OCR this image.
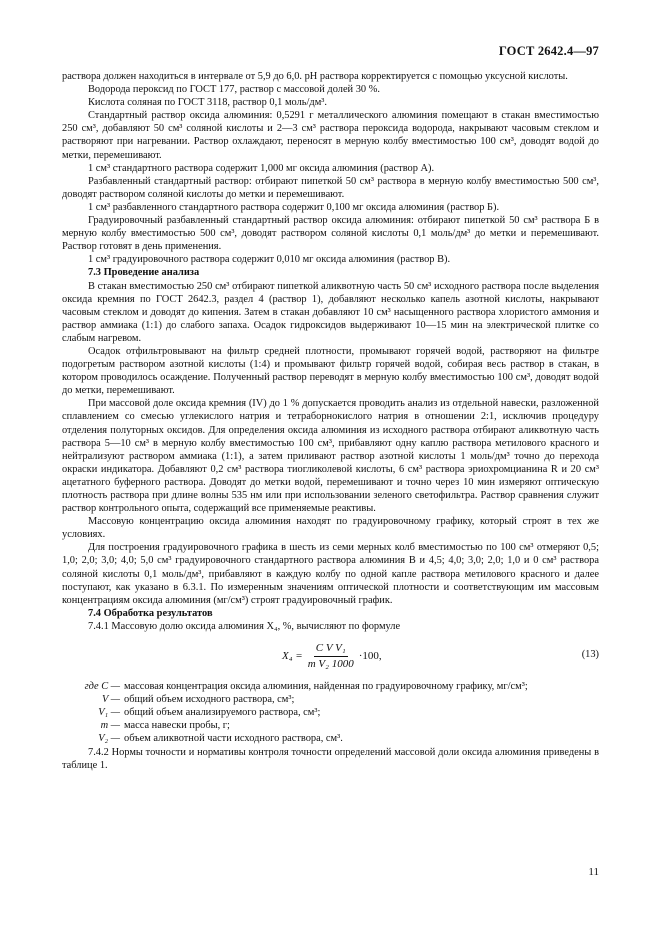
ГОСТ 2642.4—97

раствора должен находиться в интервале от 5,9 до 6,0. pH раствора корректируется с помощью уксусной кислоты.

Водорода пероксид по ГОСТ 177, раствор с массовой долей 30 %.

Кислота соляная по ГОСТ 3118, раствор 0,1 моль/дм³.

Стандартный раствор оксида алюминия: 0,5291 г металлического алюминия помещают в стакан вместимостью 250 см³, добавляют 50 см³ соляной кислоты и 2—3 см³ раствора пероксида водорода, накрывают часовым стеклом и растворяют при нагревании. Раствор охлаждают, переносят в мерную колбу вместимостью 100 см³, доводят водой до метки, перемешивают.

1 см³ стандартного раствора содержит 1,000 мг оксида алюминия (раствор А).

Разбавленный стандартный раствор: отбирают пипеткой 50 см³ раствора в мерную колбу вместимостью 500 см³, доводят раствором соляной кислоты до метки и перемешивают.

1 см³ разбавленного стандартного раствора содержит 0,100 мг оксида алюминия (раствор Б).

Градуировочный разбавленный стандартный раствор оксида алюминия: отбирают пипеткой 50 см³ раствора Б в мерную колбу вместимостью 500 см³, доводят раствором соляной кислоты 0,1 моль/дм³ до метки и перемешивают. Раствор готовят в день применения.

1 см³ градуировочного раствора содержит 0,010 мг оксида алюминия (раствор В).

7.3 Проведение анализа

В стакан вместимостью 250 см³ отбирают пипеткой аликвотную часть 50 см³ исходного раствора после выделения оксида кремния по ГОСТ 2642.3, раздел 4 (раствор 1), добавляют несколько капель азотной кислоты, накрывают часовым стеклом и доводят до кипения. Затем в стакан добавляют 10 см³ насыщенного раствора хлористого аммония и раствор аммиака (1:1) до слабого запаха. Осадок гидроксидов выдерживают 10—15 мин на электрической плитке со слабым нагревом.

Осадок отфильтровывают на фильтр средней плотности, промывают горячей водой, растворяют на фильтре подогретым раствором азотной кислоты (1:4) и промывают фильтр горячей водой, собирая весь раствор в стакан, в котором проводилось осаждение. Полученный раствор переводят в мерную колбу вместимостью 100 см³, доводят водой до метки, перемешивают.

При массовой доле оксида кремния (IV) до 1 % допускается проводить анализ из отдельной навески, разложенной сплавлением со смесью углекислого натрия и тетраборнокислого натрия в отношении 2:1, исключив процедуру отделения полуторных оксидов. Для определения оксида алюминия из исходного раствора отбирают аликвотную часть раствора 5—10 см³ в мерную колбу вместимостью 100 см³, прибавляют одну каплю раствора метилового красного и нейтрализуют раствором аммиака (1:1), а затем приливают раствор азотной кислоты 1 моль/дм³ точно до перехода окраски индикатора. Добавляют 0,2 см³ раствора тиогликолевой кислоты, 6 см³ раствора эриохромцианина R и 20 см³ ацетатного буферного раствора. Доводят до метки водой, перемешивают и точно через 10 мин измеряют оптическую плотность раствора при длине волны 535 нм или при использовании зеленого светофильтра. Раствор сравнения служит раствор контрольного опыта, содержащий все применяемые реактивы.

Массовую концентрацию оксида алюминия находят по градуировочному графику, который строят в тех же условиях.

Для построения градуировочного графика в шесть из семи мерных колб вместимостью по 100 см³ отмеряют 0,5; 1,0; 2,0; 3,0; 4,0; 5,0 см³ градуировочного стандартного раствора алюминия В и 4,5; 4,0; 3,0; 2,0; 1,0 и 0 см³ раствора соляной кислоты 0,1 моль/дм³, прибавляют в каждую колбу по одной капле раствора метилового красного и далее поступают, как указано в 6.3.1. По измеренным значениям оптической плотности и соответствующим им массовым концентрациям оксида алюминия (мг/см³) строят градуировочный график.

7.4 Обработка результатов

7.4.1 Массовую долю оксида алюминия X₄, %, вычисляют по формуле

$X_4 = \frac{\text{C V V₁}}{\text{m V₂ 1000}} \cdot 100$,	(13)
где C — массовая концентрация оксида алюминия, найденная по градуировочному графику, мг/см³;
V — общий объем исходного раствора, см³;
V₁ — общий объем анализируемого раствора, см³;
m — масса навески пробы, г;
V₂ — объем аликвотной части исходного раствора, см³.

7.4.2 Нормы точности и нормативы контроля точности определений массовой доли оксида алюминия приведены в таблице 1.

11
